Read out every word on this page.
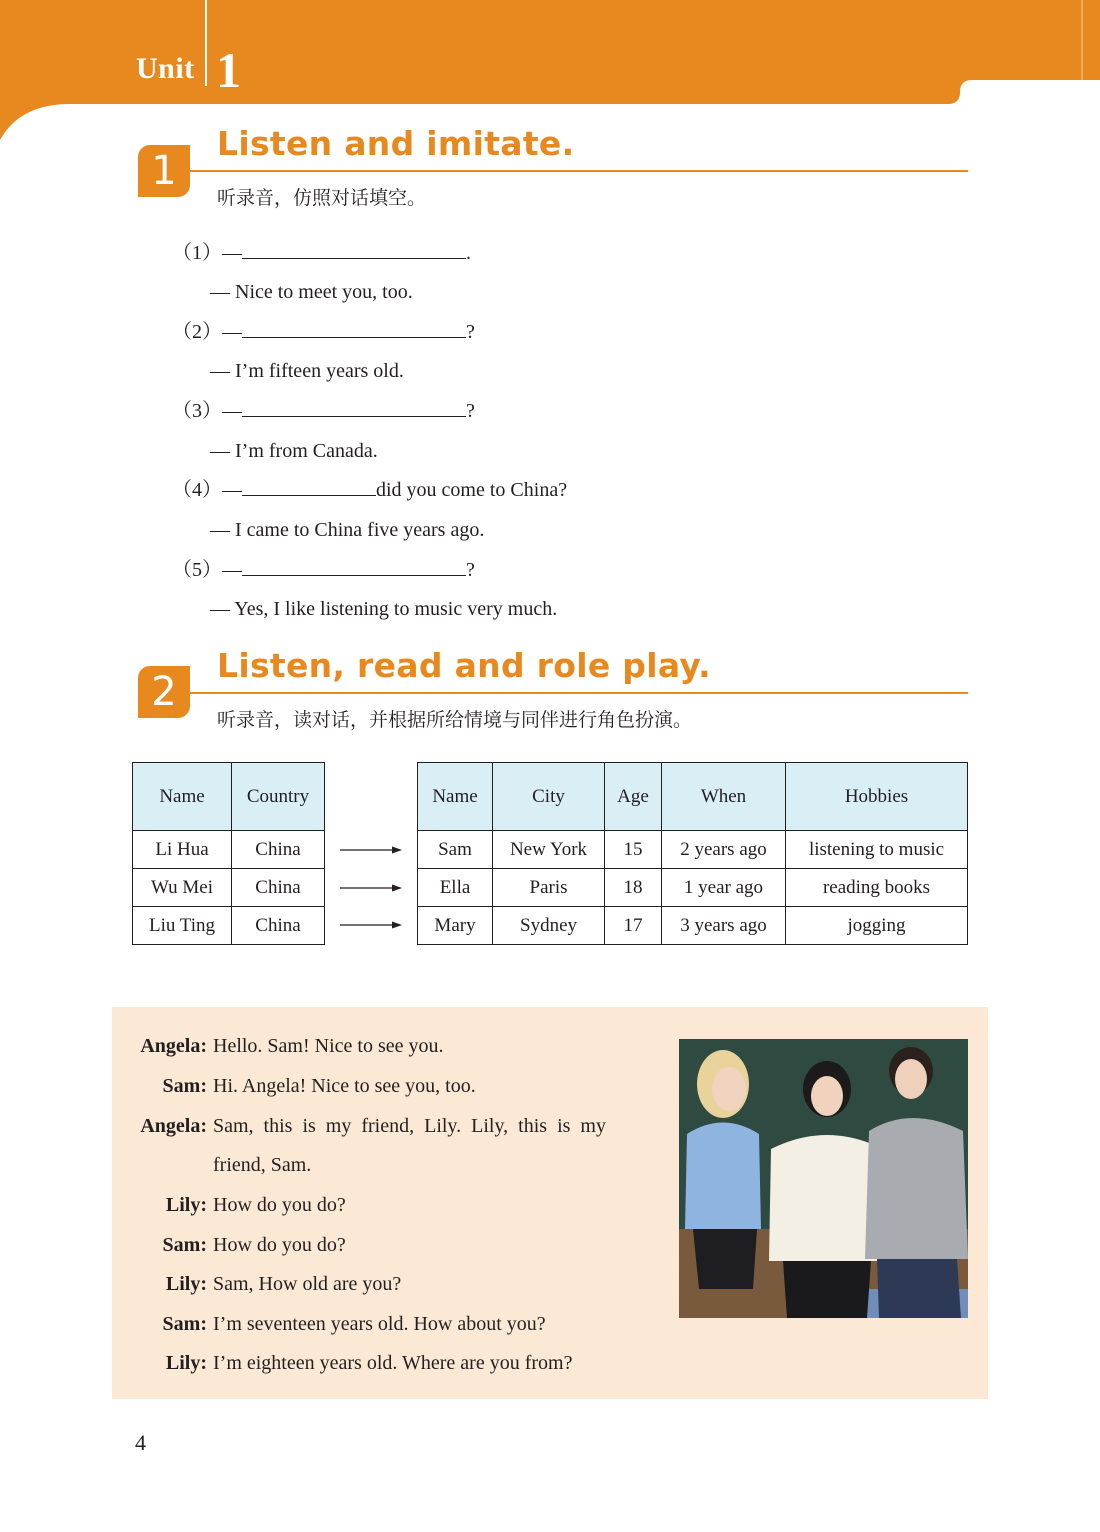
Unit 1
1
Listen and imitate.
听录音，仿照对话填空。
（1）—	.
— Nice to meet you, too.
（2）—	?
— I’m fifteen years old.
（3）—	?
— I’m from Canada.
（4）—	did you come to China?
— I came to China five years ago.
（5）—	?
— Yes, I like listening to music very much.
2
Listen, read and role play.
听录音，读对话，并根据所给情境与同伴进行角色扮演。
Name	Country
Li Hua	China
Wu Mei	China
Liu Ting	China
Name	City	Age	When	Hobbies
Sam	New York	15	2 years ago	listening to music
Ella	Paris	18	1 year ago	reading books
Mary	Sydney	17	3 years ago	jogging
Angela: Hello. Sam! Nice to see you.
Sam: Hi. Angela! Nice to see you, too.
Angela: Sam,  this  is  my  friend,  Lily.  Lily,  this  is  my
friend, Sam.
Lily: How do you do?
Sam: How do you do?
Lily: Sam, How old are you?
Sam: I’m seventeen years old. How about you?
Lily: I’m eighteen years old. Where are you from?
4
